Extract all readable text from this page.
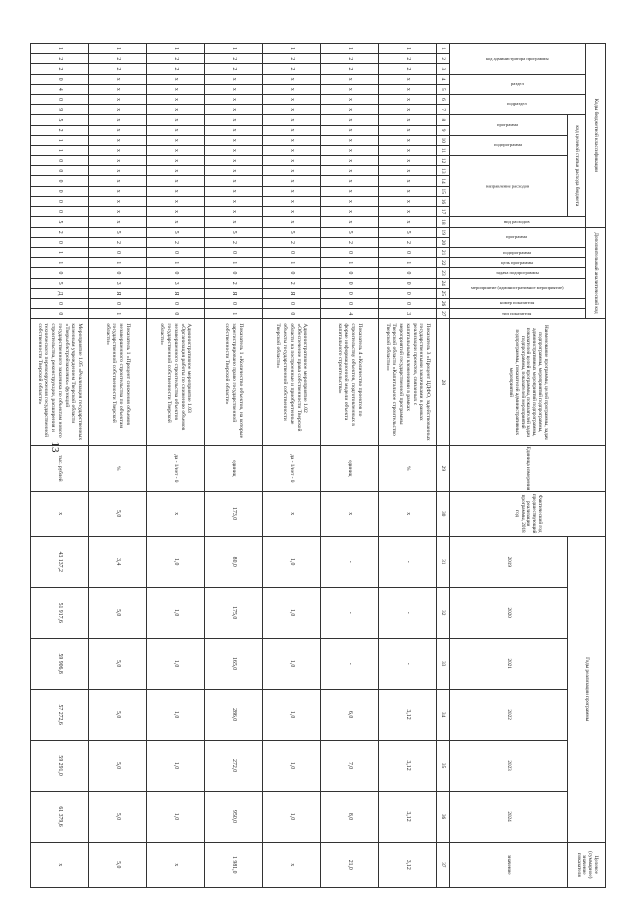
13
Коды бюджетной классификации																		Дополнительный аналитический код									Наименование программы, целей программы, задач подпрограммы, мероприятий подпрограммы, административных мероприятий подпрограммы, показателей целей программы, показателей задач подпрограммы, показателей мероприятий подпрограммы, показателей административных мероприятий	Единица измерения	Фактический год предшествующий реализации программы, 2018 год	Годы реализации программы						Целевое (суммарное) значение показателя
код администратора программы			раздел		подраздел		код целевой статьи расхода бюджета										вид расходов	программа		подпрограмма	цель программы	задача подпрограммы	мероприятие (административное мероприятие)		номер показателя	тип показателя										
							программа		подпрограмма		направление расходов																			2019	2020	2021	2022	2023	2024	значение
1	2	3	4	5	6	7	8	9	10	11	12	13	14	15	16	17	18	19	20	21	22	23	24	25	26	27	28	29	30	31	32	33	34	35	36	37
1	2	2	x	x	x	x	x	x	x	x	x	x	x	x	x	x	x	5	2	0	1	0	0	0	0	3	Показатель 3 «Процент ЦДФО, задействованных государственными заказчиками в рамках реализации проектов, связанных с капитальными вложениями в рамках мероприятий государственной программы Тверской области «Капитальное строительство Тверской области»»	%	x	-	-	-	3,12	3,12	3,12	3,12
1	2	2	x	x	x	x	x	x	x	x	x	x	x	x	x	x	x	5	2	0	1	0	0	0	0	4	Показатель 4 «Количество проектов по строительству объектов, подготовленных в форме информационной модели объекта капитального строительства»	единиц	x	-	-	-	6,0	7,0	8,0	21,0
1	2	2	x	x	x	x	x	x	x	x	x	x	x	x	x	x	x	5	2	0	1	0	2	Я	0	0	Административное мероприятие 1.02 «Обеспечение права собственности Тверской области на построенные и приобретенные объекты государственной собственности Тверской области»	да - 1/нет - 0	x	1,0	1,0	1,0	1,0	1,0	1,0	x
1	2	2	x	x	x	x	x	x	x	x	x	x	x	x	x	x	x	5	2	0	1	0	2	Я	0	1	Показатель 1 «Количество объектов, на которые зарегистрировано право государственной собственности Тверской области»	единиц	173,0	80,0	175,0	165,0	286,0	272,0	950,0	1 981,0
1	2	2	x	x	x	x	x	x	x	x	x	x	x	x	x	x	x	5	2	0	1	0	3	Я	0	0	Административное мероприятие 1.03 «Организация работы по снижению объемов незавершенного строительства объектов государственной собственности Тверской области»	да - 1/нет - 0	x	1,0	1,0	1,0	1,0	1,0	1,0	x
1	2	2	x	x	x	x	x	x	x	x	x	x	x	x	x	x	x	5	2	0	1	0	3	Я	0	1	Показатель 1 «Процент снижения объемов незавершенного строительства по объектам государственной собственности Тверской области»	%	5,0	3,4	5,0	5,0	5,0	5,0	5,0	5,0
1	2	2	0	4	0	9	5	2	1	1	0	0	0	0	0	0	5	2	0	1	1	0	5	Д	0	0	Мероприятие 1.05 «Реализация государственных казенным учреждением Тверской области «Тверьоблстройзаказчик» функций государственного заказчика по объектам нового строительства, реконструкции, расширения и технического перевооружения государственной собственности Тверской области»	тыс. рублей	x	43 137,2	51 917,6	59 906,8	57 272,6	59 291,0	61 379,6	x
